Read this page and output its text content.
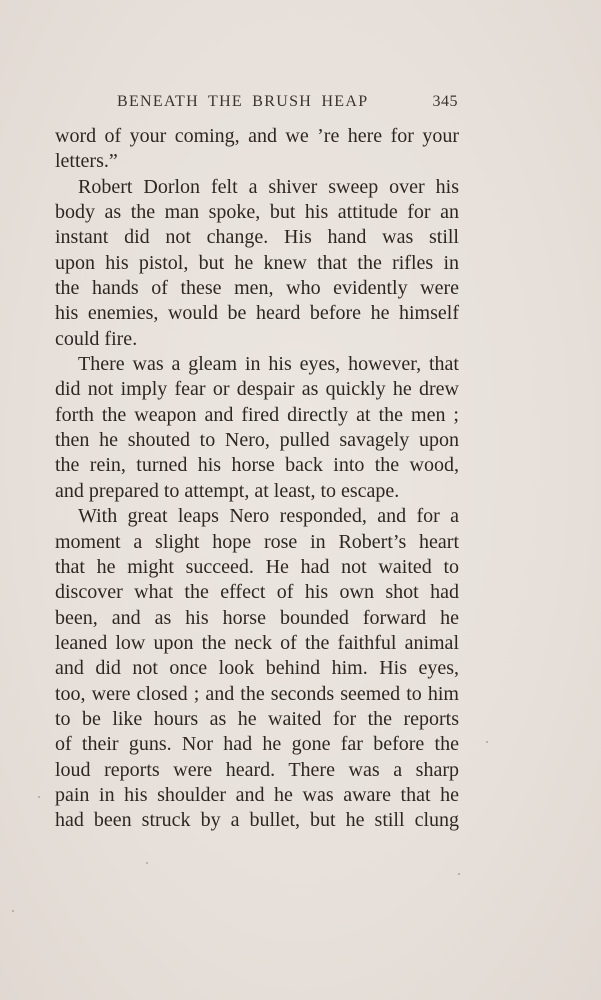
BENEATH THE BRUSH HEAP	345
word of your coming, and we ’re here for your
letters.”
Robert Dorlon felt a shiver sweep over his
body as the man spoke, but his attitude for an
instant did not change. His hand was still
upon his pistol, but he knew that the rifles in
the hands of these men, who evidently were
his enemies, would be heard before he himself
could fire.
There was a gleam in his eyes, however, that
did not imply fear or despair as quickly he drew
forth the weapon and fired directly at the men ;
then he shouted to Nero, pulled savagely upon
the rein, turned his horse back into the wood,
and prepared to attempt, at least, to escape.
With great leaps Nero responded, and for a
moment a slight hope rose in Robert’s heart
that he might succeed. He had not waited to
discover what the effect of his own shot had
been, and as his horse bounded forward he
leaned low upon the neck of the faithful animal
and did not once look behind him. His eyes,
too, were closed ; and the seconds seemed to him
to be like hours as he waited for the reports
of their guns. Nor had he gone far before the
loud reports were heard. There was a sharp
pain in his shoulder and he was aware that he
had been struck by a bullet, but he still clung
